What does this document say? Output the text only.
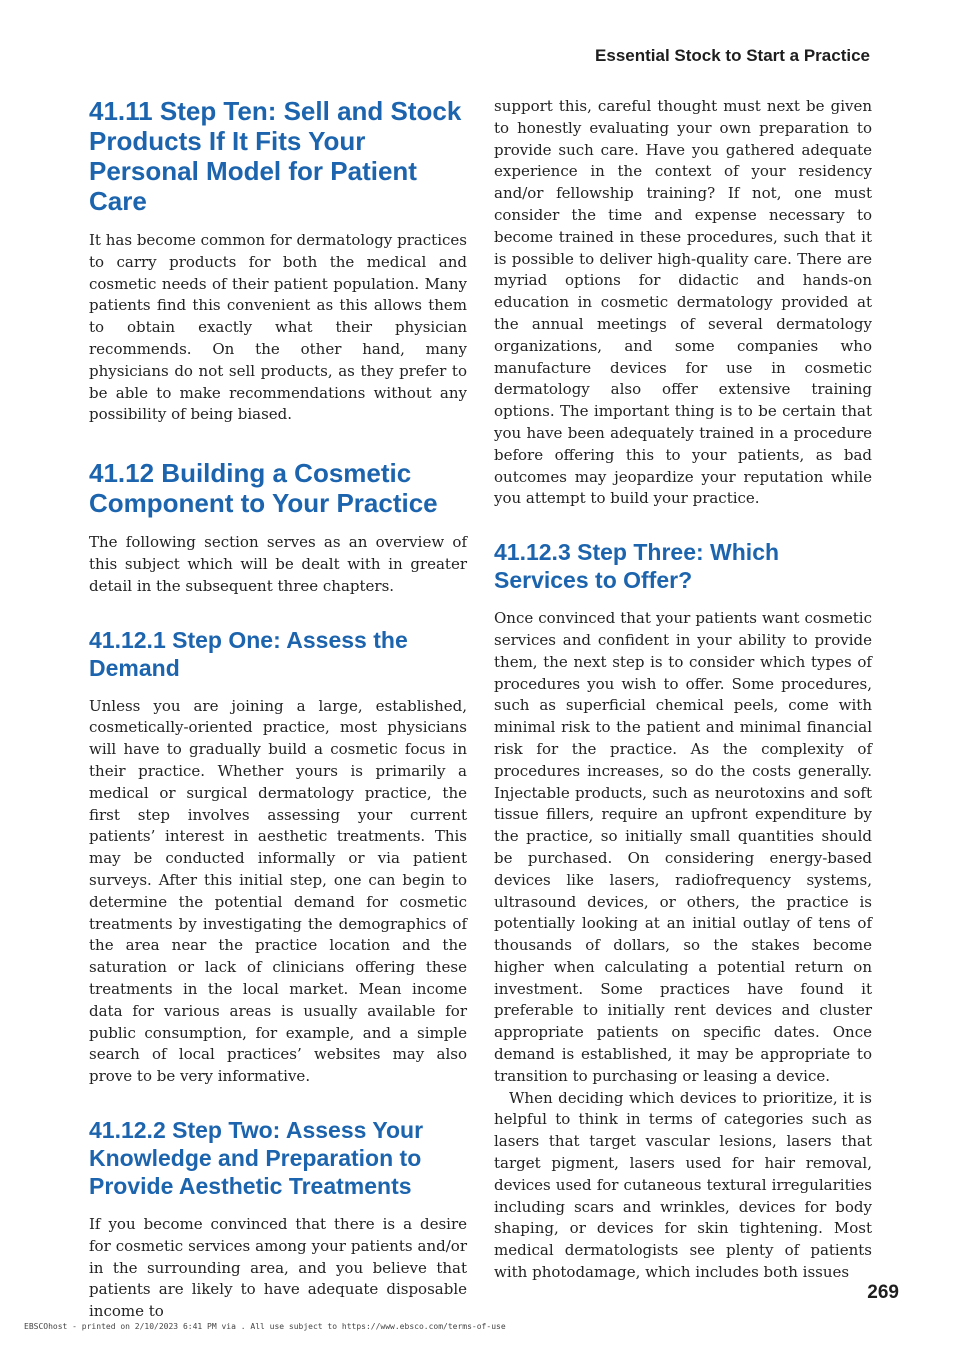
Essential Stock to Start a Practice
41.11 Step Ten: Sell and Stock Products If It Fits Your Personal Model for Patient Care

It has become common for dermatology practices to carry products for both the medical and cosmetic needs of their patient population. Many patients find this convenient as this allows them to obtain exactly what their physician recommends. On the other hand, many physicians do not sell products, as they prefer to be able to make recommendations without any possibility of being biased.

41.12 Building a Cosmetic Component to Your Practice

The following section serves as an overview of this subject which will be dealt with in greater detail in the subsequent three chapters.

41.12.1 Step One: Assess the Demand

Unless you are joining a large, established, cosmetically-oriented practice, most physicians will have to gradually build a cosmetic focus in their practice. Whether yours is primarily a medical or surgical dermatology practice, the first step involves assessing your current patients’ interest in aesthetic treatments. This may be conducted informally or via patient surveys. After this initial step, one can begin to determine the potential demand for cosmetic treatments by investigating the demographics of the area near the practice location and the saturation or lack of clinicians offering these treatments in the local market. Mean income data for various areas is usually available for public consumption, for example, and a simple search of local practices’ websites may also prove to be very informative.

41.12.2 Step Two: Assess Your Knowledge and Preparation to Provide Aesthetic Treatments

If you become convinced that there is a desire for cosmetic services among your patients and/or in the surrounding area, and you believe that patients are likely to have adequate disposable income to

support this, careful thought must next be given to honestly evaluating your own preparation to provide such care. Have you gathered adequate experience in the context of your residency and/or fellowship training? If not, one must consider the time and expense necessary to become trained in these procedures, such that it is possible to deliver high-quality care. There are myriad options for didactic and hands-on education in cosmetic dermatology provided at the annual meetings of several dermatology organizations, and some companies who manufacture devices for use in cosmetic dermatology also offer extensive training options. The important thing is to be certain that you have been adequately trained in a procedure before offering this to your patients, as bad outcomes may jeopardize your reputation while you attempt to build your practice.

41.12.3 Step Three: Which Services to Offer?

Once convinced that your patients want cosmetic services and confident in your ability to provide them, the next step is to consider which types of procedures you wish to offer. Some procedures, such as superficial chemical peels, come with minimal risk to the patient and minimal financial risk for the practice. As the complexity of procedures increases, so do the costs generally. Injectable products, such as neurotoxins and soft tissue fillers, require an upfront expenditure by the practice, so initially small quantities should be purchased. On considering energy-based devices like lasers, radiofrequency systems, ultrasound devices, or others, the practice is potentially looking at an initial outlay of tens of thousands of dollars, so the stakes become higher when calculating a potential return on investment. Some practices have found it preferable to initially rent devices and cluster appropriate patients on specific dates. Once demand is established, it may be appropriate to transition to purchasing or leasing a device.

When deciding which devices to prioritize, it is helpful to think in terms of categories such as lasers that target vascular lesions, lasers that target pigment, lasers used for hair removal, devices used for cutaneous textural irregularities including scars and wrinkles, devices for body shaping, or devices for skin tightening. Most medical dermatologists see plenty of patients with photodamage, which includes both issues

269
EBSCOhost - printed on 2/10/2023 6:41 PM via . All use subject to https://www.ebsco.com/terms-of-use
